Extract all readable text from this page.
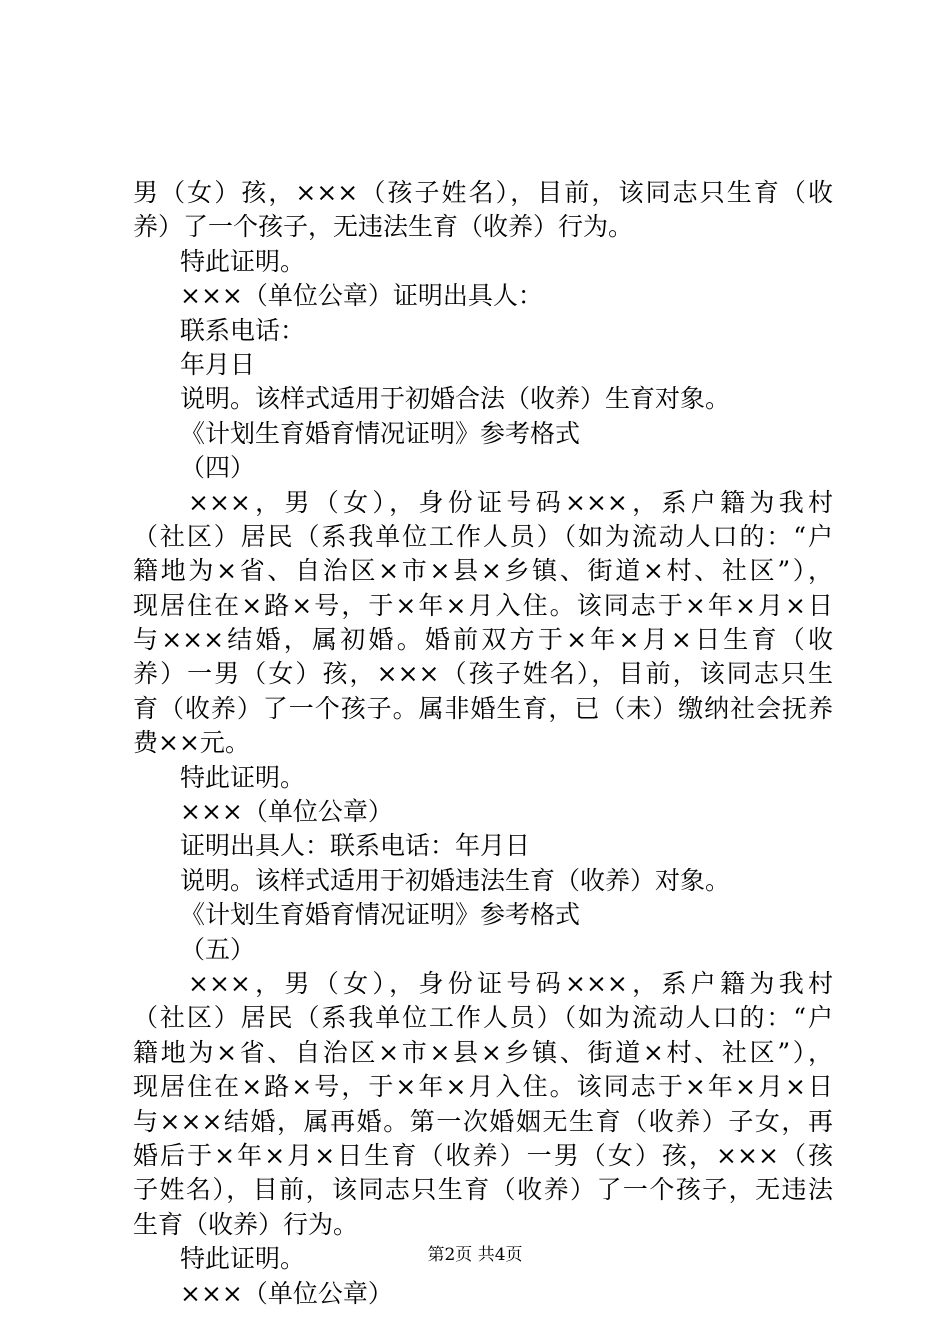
男（女）孩，×××（孩子姓名），目前，该同志只生育（收
养）了一个孩子，无违法生育（收养）行为。
特此证明。
×××（单位公章）证明出具人：
联系电话：
年月日
说明。该样式适用于初婚合法（收养）生育对象。
《计划生育婚育情况证明》参考格式
（四）
×××，男（女），身份证号码×××，系户籍为我村
（社区）居民（系我单位工作人员）（如为流动人口的：“户
籍地为×省、自治区×市×县×乡镇、街道×村、社区”），
现居住在×路×号，于×年×月入住。该同志于×年×月×日
与×××结婚，属初婚。婚前双方于×年×月×日生育（收
养）一男（女）孩，×××（孩子姓名），目前，该同志只生
育（收养）了一个孩子。属非婚生育，已（未）缴纳社会抚养
费××元。
特此证明。
×××（单位公章）
证明出具人：联系电话：年月日
说明。该样式适用于初婚违法生育（收养）对象。
《计划生育婚育情况证明》参考格式
（五）
×××，男（女），身份证号码×××，系户籍为我村
（社区）居民（系我单位工作人员）（如为流动人口的：“户
籍地为×省、自治区×市×县×乡镇、街道×村、社区”），
现居住在×路×号，于×年×月入住。该同志于×年×月×日
与×××结婚，属再婚。第一次婚姻无生育（收养）子女，再
婚后于×年×月×日生育（收养）一男（女）孩，×××（孩
子姓名），目前，该同志只生育（收养）了一个孩子，无违法
生育（收养）行为。
特此证明。
×××（单位公章）
第2页 共4页
